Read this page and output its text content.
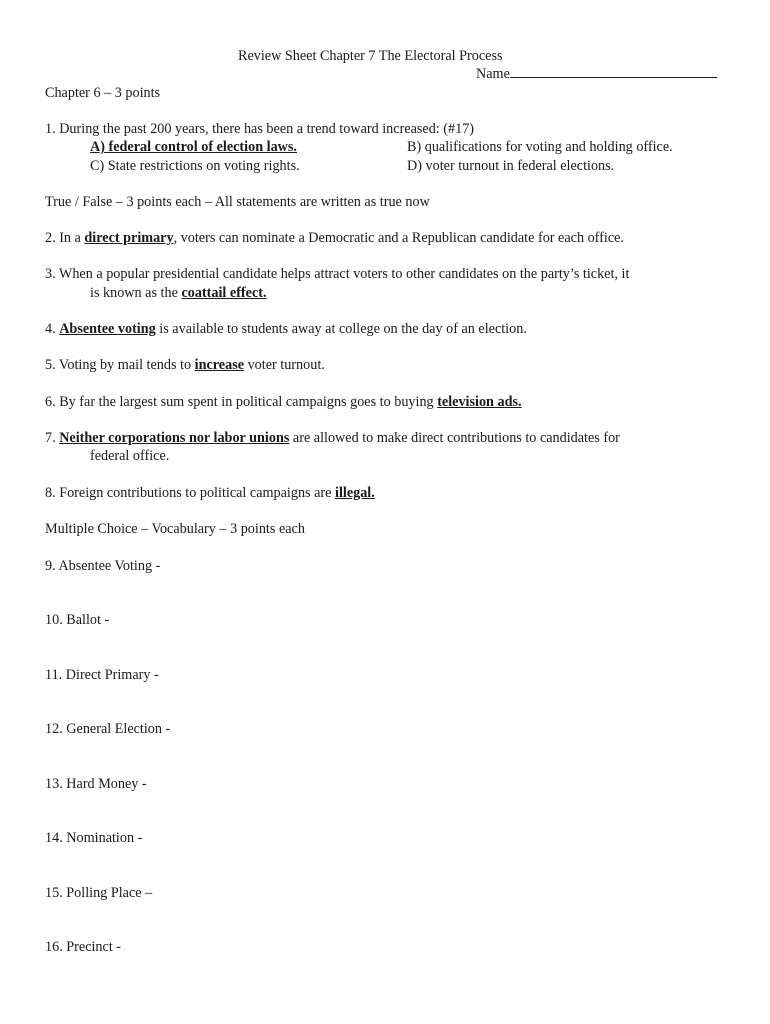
Review Sheet Chapter 7 The Electoral Process
Name
Chapter 6 – 3 points
1. During the past 200 years, there has been a trend toward increased: (#17)
A) federal control of election laws.	B) qualifications for voting and holding office.
C) State restrictions on voting rights.	D) voter turnout in federal elections.
True / False – 3 points each – All statements are written as true now
2. In a direct primary, voters can nominate a Democratic and a Republican candidate for each office.
3. When a popular presidential candidate helps attract voters to other candidates on the party’s ticket, it
is known as the coattail effect.
4. Absentee voting is available to students away at college on the day of an election.
5. Voting by mail tends to increase voter turnout.
6. By far the largest sum spent in political campaigns goes to buying television ads.
7. Neither corporations nor labor unions are allowed to make direct contributions to candidates for
federal office.
8. Foreign contributions to political campaigns are illegal.
Multiple Choice – Vocabulary – 3 points each
9. Absentee Voting -
10. Ballot -
11. Direct Primary -
12. General Election -
13. Hard Money -
14. Nomination -
15. Polling Place –
16. Precinct -
